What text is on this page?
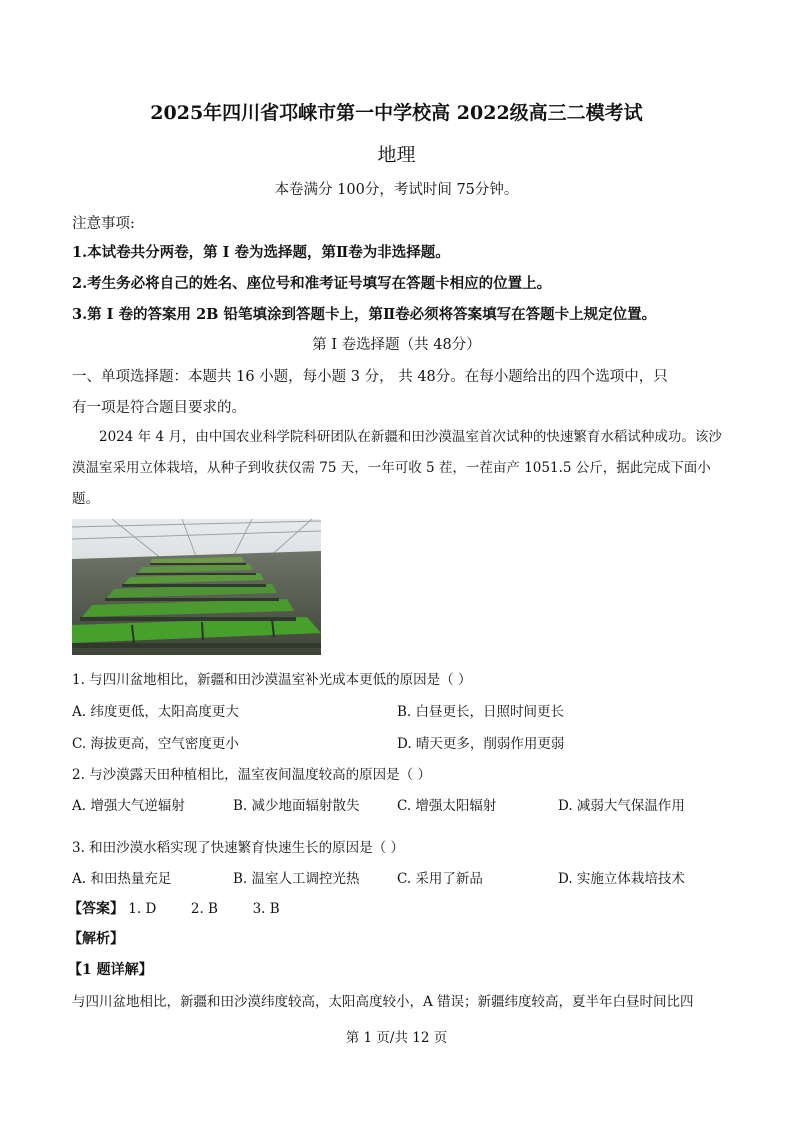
2025年四川省邛崃市第一中学校高 2022级高三二模考试
地理
本卷满分 100分，考试时间 75分钟。
注意事项:
1.本试卷共分两卷，第 Ⅰ 卷为选择题，第Ⅱ卷为非选择题。
2.考生务必将自己的姓名、座位号和准考证号填写在答题卡相应的位置上。
3.第 Ⅰ 卷的答案用 2B 铅笔填涂到答题卡上，第Ⅱ卷必须将答案填写在答题卡上规定位置。
第 Ⅰ 卷选择题（共 48分）
一、单项选择题：本题共 16 小题，每小题 3 分， 共 48分。在每小题给出的四个选项中，只
有一项是符合题目要求的。
2024 年 4 月，由中国农业科学院科研团队在新疆和田沙漠温室首次试种的快速繁育水稻试种成功。该沙漠温室采用立体栽培，从种子到收获仅需 75 天，一年可收 5 茬，一茬亩产 1051.5 公斤，据此完成下面小题。
1. 与四川盆地相比，新疆和田沙漠温室补光成本更低的原因是（ ）
A. 纬度更低，太阳高度更大	B. 白昼更长，日照时间更长
C. 海拔更高，空气密度更小	D. 晴天更多，削弱作用更弱
2. 与沙漠露天田种植相比，温室夜间温度较高的原因是（ ）
A. 增强大气逆辐射	B. 减少地面辐射散失	C. 增强太阳辐射	D. 减弱大气保温作用
3. 和田沙漠水稻实现了快速繁育快速生长的原因是（ ）
A. 和田热量充足	B. 温室人工调控光热	C. 采用了新品	D. 实施立体栽培技术
【答案】 1. D	2. B	3. B
【解析】
【1 题详解】
与四川盆地相比，新疆和田沙漠纬度较高，太阳高度较小，A 错误；新疆纬度较高，夏半年白昼时间比四
第 1 页/共 12 页
